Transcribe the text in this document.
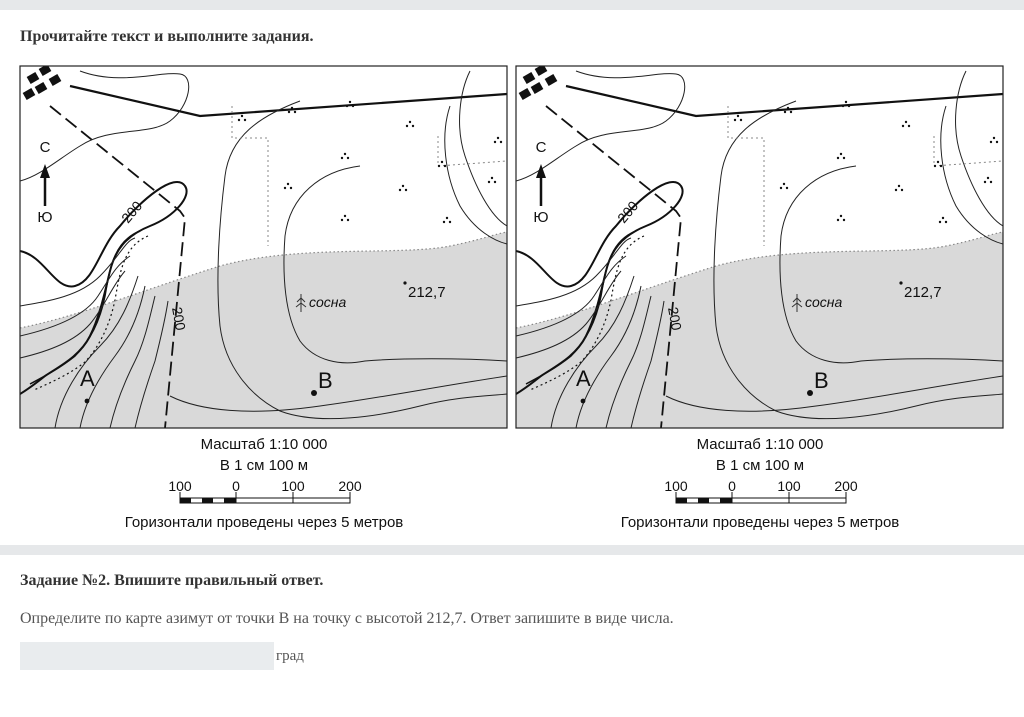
Прочитайте текст и выполните задания.
С
Ю	200
200
сосна
212,7
А	В
Масштаб 1:10 000
В 1 см 100 м
100	0	100 200
Горизонтали проведены через 5 метров
С
Ю	200
200
сосна
212,7
А	В
Масштаб 1:10 000
В 1 см 100 м
100	0	100 200
Горизонтали проведены через 5 метров
Задание №2. Впишите правильный ответ.
Определите по карте азимут от точки В на точку с высотой 212,7. Ответ запишите в виде числа.
град
